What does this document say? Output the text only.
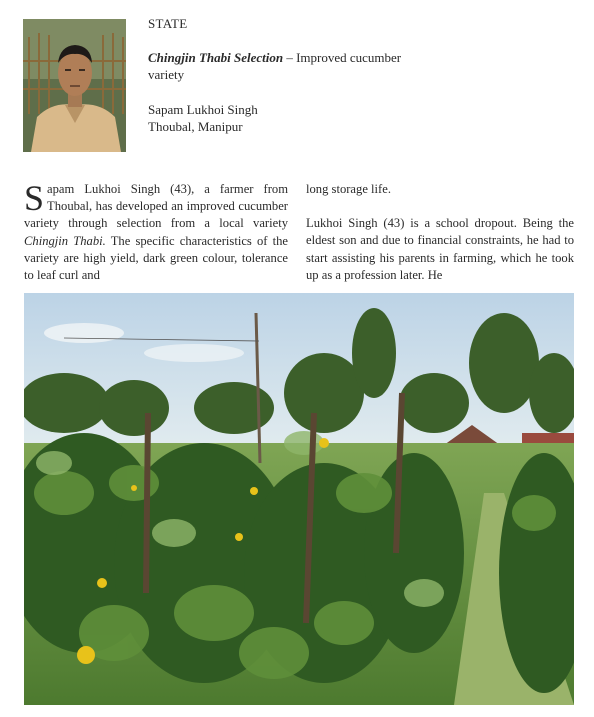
STATE
Chingjin Thabi Selection – Improved cucumber
variety
Sapam Lukhoi Singh
Thoubal, Manipur

Sapam Lukhoi Singh (43), a farmer from Thoubal, has developed an improved cucumber variety through selection from a local variety Chingjin Thabi. The specific characteristics of the variety are high yield, dark green colour, tolerance to leaf curl and

long storage life.

Lukhoi Singh (43) is a school dropout. Being the eldest son and due to financial constraints, he had to start assisting his parents in farming, which he took up as a profession later. He
